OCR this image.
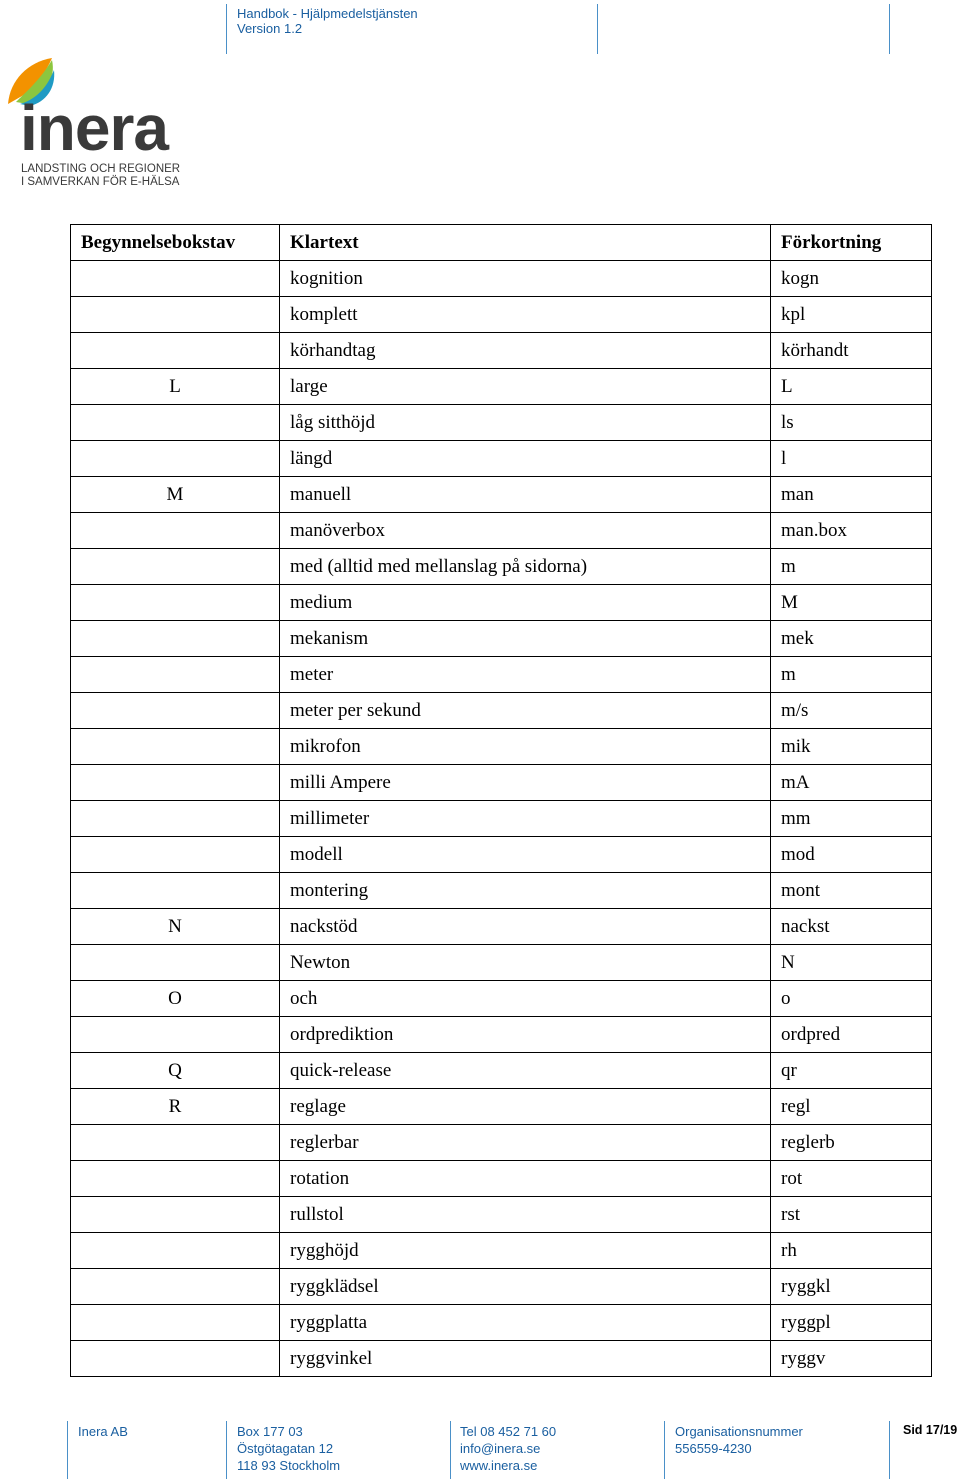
Handbok - Hjälpmedelstjänsten
Version 1.2
inera
LANDSTING OCH REGIONER
I SAMVERKAN FÖR E-HÄLSA
Begynnelsebokstav	Klartext	Förkortning
	kognition	kogn
	komplett	kpl
	körhandtag	körhandt
L	large	L
	låg sitthöjd	ls
	längd	l
M	manuell	man
	manöverbox	man.box
	med (alltid med mellanslag på sidorna)	m
	medium	M
	mekanism	mek
	meter	m
	meter per sekund	m/s
	mikrofon	mik
	milli Ampere	mA
	millimeter	mm
	modell	mod
	montering	mont
N	nackstöd	nackst
	Newton	N
O	och	o
	ordprediktion	ordpred
Q	quick-release	qr
R	reglage	regl
	reglerbar	reglerb
	rotation	rot
	rullstol	rst
	rygghöjd	rh
	ryggklädsel	ryggkl
	ryggplatta	ryggpl
	ryggvinkel	ryggv
Inera AB	Box 177 03
Östgötagatan 12
118 93 Stockholm
Tel 08 452 71 60
info@inera.se
www.inera.se
Organisationsnummer
556559-4230
Sid 17/19
